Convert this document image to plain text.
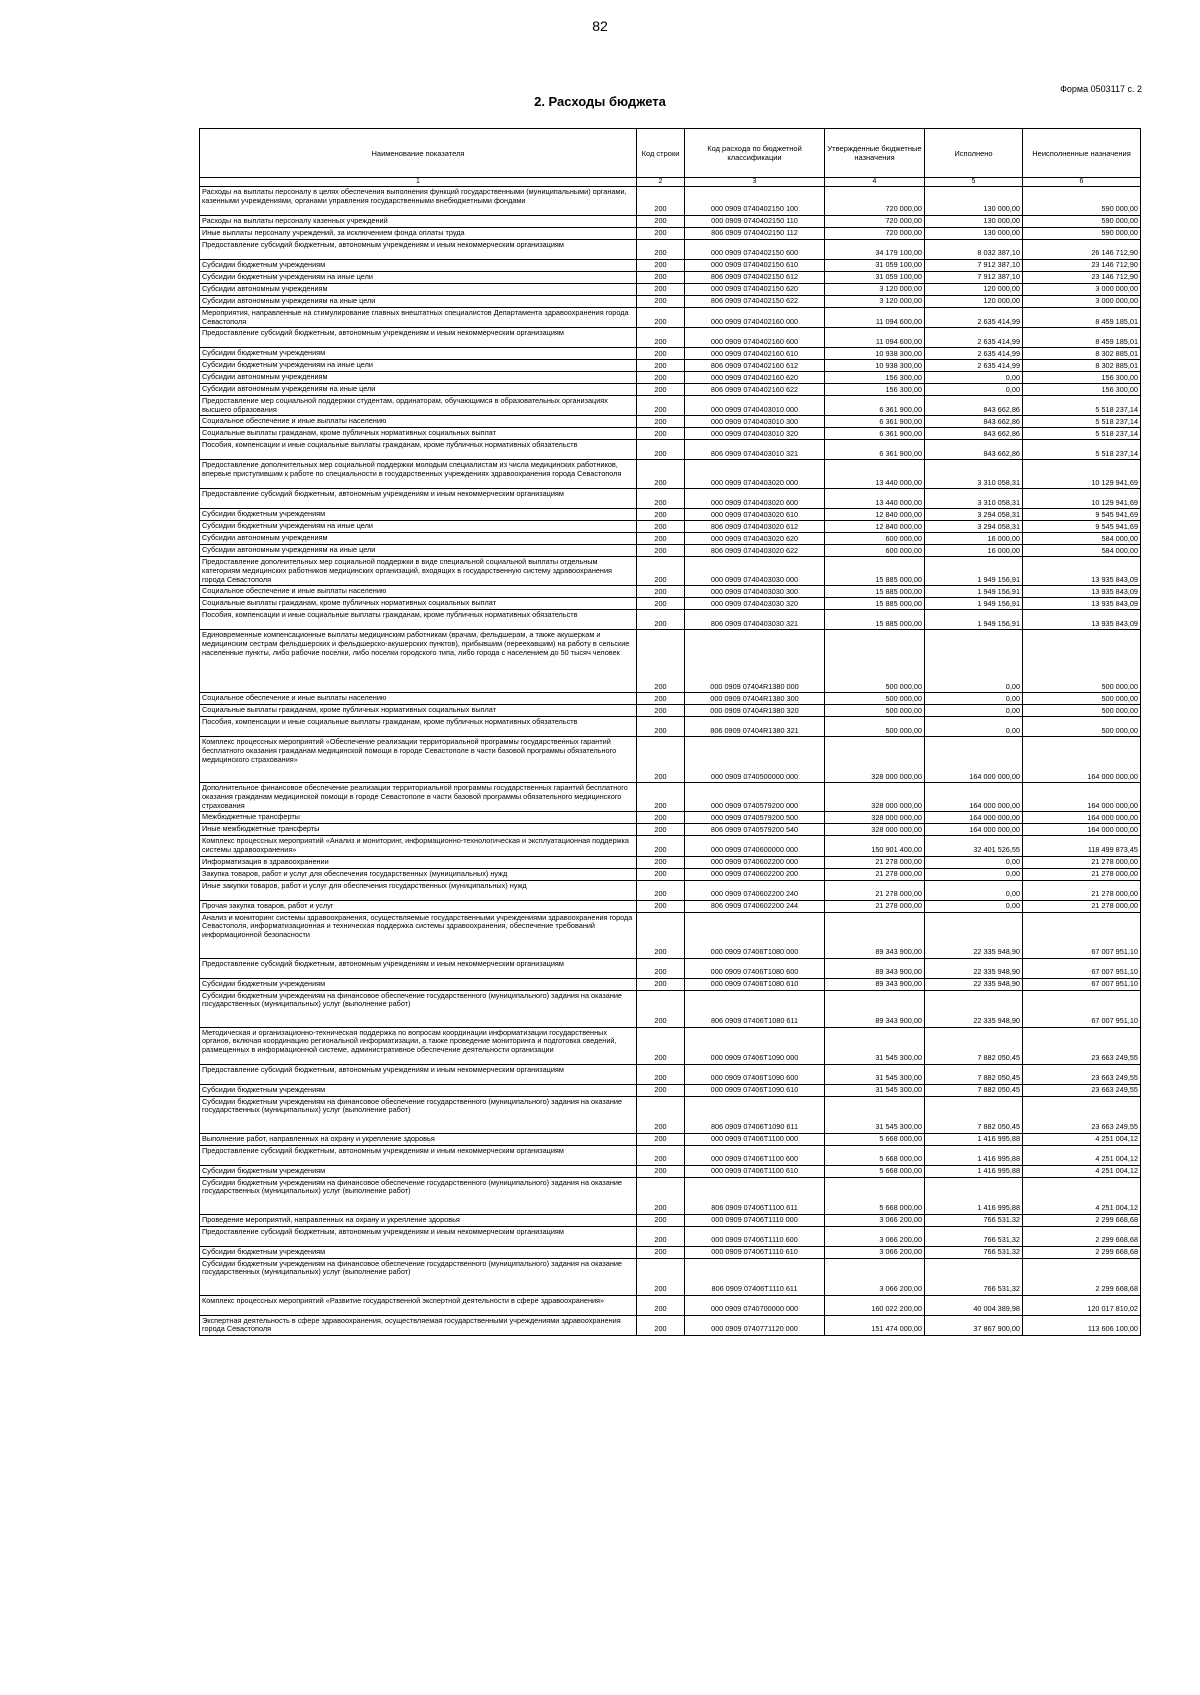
82
Форма 0503117 с. 2
2. Расходы бюджета
Наименование показателя	Код строки	Код расхода по бюджетной классификации	Утвержденные бюджетные назначения	Исполнено	Неисполненные назначения
1	2	3	4	5	6
Расходы на выплаты персоналу в целях обеспечения выполнения функций государственными (муниципальными) органами, казенными учреждениями, органами управления государственными внебюджетными фондами	200	000 0909 0740402150 100	720 000,00	130 000,00	590 000,00
Расходы на выплаты персоналу казенных учреждений	200	000 0909 0740402150 110	720 000,00	130 000,00	590 000,00
Иные выплаты персоналу учреждений, за исключением фонда оплаты труда	200	806 0909 0740402150 112	720 000,00	130 000,00	590 000,00
Предоставление субсидий бюджетным, автономным учреждениям и иным некоммерческим организациям	200	000 0909 0740402150 600	34 179 100,00	8 032 387,10	26 146 712,90
Субсидии бюджетным учреждениям	200	000 0909 0740402150 610	31 059 100,00	7 912 387,10	23 146 712,90
Субсидии бюджетным учреждениям на иные цели	200	806 0909 0740402150 612	31 059 100,00	7 912 387,10	23 146 712,90
Субсидии автономным учреждениям	200	000 0909 0740402150 620	3 120 000,00	120 000,00	3 000 000,00
Субсидии автономным учреждениям на иные цели	200	806 0909 0740402150 622	3 120 000,00	120 000,00	3 000 000,00
Мероприятия, направленные на стимулирование главных внештатных специалистов Департамента здравоохранения города Севастополя	200	000 0909 0740402160 000	11 094 600,00	2 635 414,99	8 459 185,01
Предоставление субсидий бюджетным, автономным учреждениям и иным некоммерческим организациям	200	000 0909 0740402160 600	11 094 600,00	2 635 414,99	8 459 185,01
Субсидии бюджетным учреждениям	200	000 0909 0740402160 610	10 938 300,00	2 635 414,99	8 302 885,01
Субсидии бюджетным учреждениям на иные цели	200	806 0909 0740402160 612	10 938 300,00	2 635 414,99	8 302 885,01
Субсидии автономным учреждениям	200	000 0909 0740402160 620	156 300,00	0,00	156 300,00
Субсидии автономным учреждениям на иные цели	200	806 0909 0740402160 622	156 300,00	0,00	156 300,00
Предоставление мер социальной поддержки студентам, ординаторам, обучающимся в образовательных организациях высшего образования	200	000 0909 0740403010 000	6 361 900,00	843 662,86	5 518 237,14
Социальное обеспечение и иные выплаты населению	200	000 0909 0740403010 300	6 361 900,00	843 662,86	5 518 237,14
Социальные выплаты гражданам, кроме публичных нормативных социальных выплат	200	000 0909 0740403010 320	6 361 900,00	843 662,86	5 518 237,14
Пособия, компенсации и иные социальные выплаты гражданам, кроме публичных нормативных обязательств	200	806 0909 0740403010 321	6 361 900,00	843 662,86	5 518 237,14
Предоставление дополнительных мер социальной поддержки молодым специалистам из числа медицинских работников, впервые приступившим к работе по специальности в государственных учреждениях здравоохранения города Севастополя	200	000 0909 0740403020 000	13 440 000,00	3 310 058,31	10 129 941,69
Предоставление субсидий бюджетным, автономным учреждениям и иным некоммерческим организациям	200	000 0909 0740403020 600	13 440 000,00	3 310 058,31	10 129 941,69
Субсидии бюджетным учреждениям	200	000 0909 0740403020 610	12 840 000,00	3 294 058,31	9 545 941,69
Субсидии бюджетным учреждениям на иные цели	200	806 0909 0740403020 612	12 840 000,00	3 294 058,31	9 545 941,69
Субсидии автономным учреждениям	200	000 0909 0740403020 620	600 000,00	16 000,00	584 000,00
Субсидии автономным учреждениям на иные цели	200	806 0909 0740403020 622	600 000,00	16 000,00	584 000,00
Предоставление дополнительных мер социальной поддержки в виде специальной социальной выплаты отдельным категориям медицинских работников медицинских организаций, входящих в государственную систему здравоохранения города Севастополя	200	000 0909 0740403030 000	15 885 000,00	1 949 156,91	13 935 843,09
Социальное обеспечение и иные выплаты населению	200	000 0909 0740403030 300	15 885 000,00	1 949 156,91	13 935 843,09
Социальные выплаты гражданам, кроме публичных нормативных социальных выплат	200	000 0909 0740403030 320	15 885 000,00	1 949 156,91	13 935 843,09
Пособия, компенсации и иные социальные выплаты гражданам, кроме публичных нормативных обязательств	200	806 0909 0740403030 321	15 885 000,00	1 949 156,91	13 935 843,09
Единовременные компенсационные выплаты медицинским работникам (врачам, фельдшерам, а также акушеркам и медицинским сестрам фельдшерских и фельдшерско-акушерских пунктов), прибывшим (переехавшим) на работу в сельские населенные пункты, либо рабочие поселки, либо поселки городского типа, либо города с населением до 50 тысяч человек	200	000 0909 07404R1380 000	500 000,00	0,00	500 000,00
Социальное обеспечение и иные выплаты населению	200	000 0909 07404R1380 300	500 000,00	0,00	500 000,00
Социальные выплаты гражданам, кроме публичных нормативных социальных выплат	200	000 0909 07404R1380 320	500 000,00	0,00	500 000,00
Пособия, компенсации и иные социальные выплаты гражданам, кроме публичных нормативных обязательств	200	806 0909 07404R1380 321	500 000,00	0,00	500 000,00
Комплекс процессных мероприятий «Обеспечение реализации территориальной программы государственных гарантий бесплатного оказания гражданам медицинской помощи в городе Севастополе в части базовой программы обязательного медицинского страхования»	200	000 0909 0740500000 000	328 000 000,00	164 000 000,00	164 000 000,00
Дополнительное финансовое обеспечение реализации территориальной программы государственных гарантий бесплатного оказания гражданам медицинской помощи в городе Севастополе в части базовой программы обязательного медицинского страхования	200	000 0909 0740579200 000	328 000 000,00	164 000 000,00	164 000 000,00
Межбюджетные трансферты	200	000 0909 0740579200 500	328 000 000,00	164 000 000,00	164 000 000,00
Иные межбюджетные трансферты	200	806 0909 0740579200 540	328 000 000,00	164 000 000,00	164 000 000,00
Комплекс процессных мероприятий «Анализ и мониторинг, информационно-технологическая и эксплуатационная поддержка системы здравоохранения»	200	000 0909 0740600000 000	150 901 400,00	32 401 526,55	118 499 873,45
Информатизация в здравоохранении	200	000 0909 0740602200 000	21 278 000,00	0,00	21 278 000,00
Закупка товаров, работ и услуг для обеспечения государственных (муниципальных) нужд	200	000 0909 0740602200 200	21 278 000,00	0,00	21 278 000,00
Иные закупки товаров, работ и услуг для обеспечения государственных (муниципальных) нужд	200	000 0909 0740602200 240	21 278 000,00	0,00	21 278 000,00
Прочая закупка товаров, работ и услуг	200	806 0909 0740602200 244	21 278 000,00	0,00	21 278 000,00
Анализ и мониторинг системы здравоохранения, осуществляемые государственными учреждениями здравоохранения города Севастополя, информатизационная и техническая поддержка системы здравоохранения, обеспечение требований информационной безопасности	200	000 0909 07406Т1080 000	89 343 900,00	22 335 948,90	67 007 951,10
Предоставление субсидий бюджетным, автономным учреждениям и иным некоммерческим организациям	200	000 0909 07406Т1080 600	89 343 900,00	22 335 948,90	67 007 951,10
Субсидии бюджетным учреждениям	200	000 0909 07406Т1080 610	89 343 900,00	22 335 948,90	67 007 951,10
Субсидии бюджетным учреждениям на финансовое обеспечение государственного (муниципального) задания на оказание государственных (муниципальных) услуг (выполнение работ)	200	806 0909 07406Т1080 611	89 343 900,00	22 335 948,90	67 007 951,10
Методическая и организационно-техническая поддержка по вопросам координации информатизации государственных органов, включая координацию региональной информатизации, а также проведение мониторинга и подготовка сведений, размещенных в информационной системе, административное обеспечение деятельности организации	200	000 0909 07406Т1090 000	31 545 300,00	7 882 050,45	23 663 249,55
Предоставление субсидий бюджетным, автономным учреждениям и иным некоммерческим организациям	200	000 0909 07406Т1090 600	31 545 300,00	7 882 050,45	23 663 249,55
Субсидии бюджетным учреждениям	200	000 0909 07406Т1090 610	31 545 300,00	7 882 050,45	23 663 249,55
Субсидии бюджетным учреждениям на финансовое обеспечение государственного (муниципального) задания на оказание государственных (муниципальных) услуг (выполнение работ)	200	806 0909 07406Т1090 611	31 545 300,00	7 882 050,45	23 663 249,55
Выполнение работ, направленных на охрану и укрепление здоровья	200	000 0909 07406Т1100 000	5 668 000,00	1 416 995,88	4 251 004,12
Предоставление субсидий бюджетным, автономным учреждениям и иным некоммерческим организациям	200	000 0909 07406Т1100 600	5 668 000,00	1 416 995,88	4 251 004,12
Субсидии бюджетным учреждениям	200	000 0909 07406Т1100 610	5 668 000,00	1 416 995,88	4 251 004,12
Субсидии бюджетным учреждениям на финансовое обеспечение государственного (муниципального) задания на оказание государственных (муниципальных) услуг (выполнение работ)	200	806 0909 07406Т1100 611	5 668 000,00	1 416 995,88	4 251 004,12
Проведение мероприятий, направленных на охрану и укрепление здоровья	200	000 0909 07406Т1110 000	3 066 200,00	766 531,32	2 299 668,68
Предоставление субсидий бюджетным, автономным учреждениям и иным некоммерческим организациям	200	000 0909 07406Т1110 600	3 066 200,00	766 531,32	2 299 668,68
Субсидии бюджетным учреждениям	200	000 0909 07406Т1110 610	3 066 200,00	766 531,32	2 299 668,68
Субсидии бюджетным учреждениям на финансовое обеспечение государственного (муниципального) задания на оказание государственных (муниципальных) услуг (выполнение работ)	200	806 0909 07406Т1110 611	3 066 200,00	766 531,32	2 299 668,68
Комплекс процессных мероприятий «Развитие государственной экспертной деятельности в сфере здравоохранения»	200	000 0909 0740700000 000	160 022 200,00	40 004 389,98	120 017 810,02
Экспертная деятельность в сфере здравоохранения, осуществляемая государственными учреждениями здравоохранения города Севастополя	200	000 0909 0740771120 000	151 474 000,00	37 867 900,00	113 606 100,00
